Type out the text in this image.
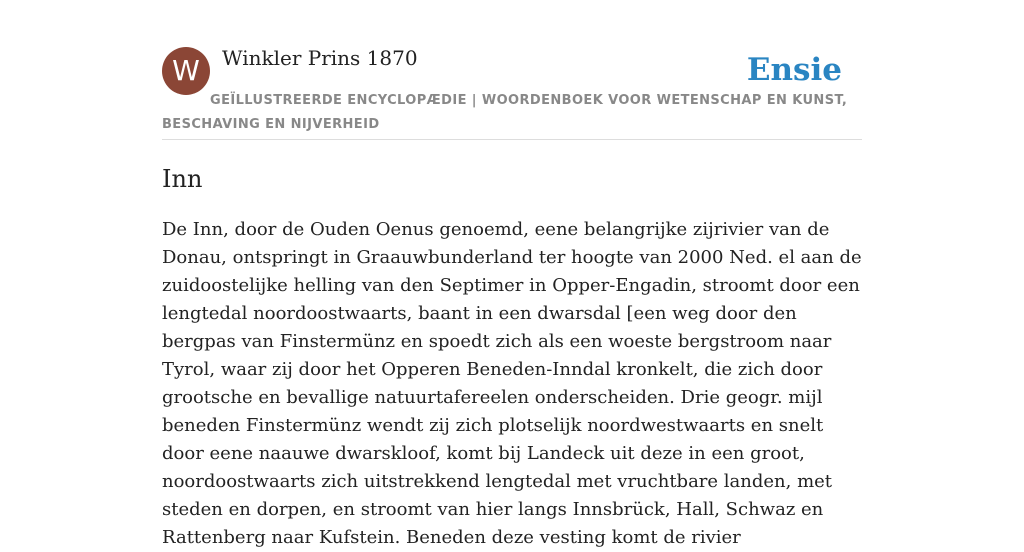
W	Winkler Prins 1870	Ensie

GEÏLLUSTREERDE ENCYCLOPÆDIE | WOORDENBOEK VOOR WETENSCHAP EN KUNST, BESCHAVING EN NIJVERHEID

Inn

De Inn, door de Ouden Oenus genoemd, eene belangrijke zijrivier van de Donau, ontspringt in Graauwbunderland ter hoogte van 2000 Ned. el aan de zuidoostelijke helling van den Septimer in Opper-Engadin, stroomt door een lengtedal noordoostwaarts, baant in een dwarsdal [een weg door den bergpas van Finstermünz en spoedt zich als een woeste bergstroom naar Tyrol, waar zij door het Opperen Beneden-Inndal kronkelt, die zich door grootsche en bevallige natuurtafereelen onderscheiden. Drie geogr. mijl beneden Finstermünz wendt zij zich plotselijk noordwestwaarts en snelt door eene naauwe dwarskloof, komt bij Landeck uit deze in een groot, noordoostwaarts zich uitstrekkend lengtedal met vruchtbare landen, met steden en dorpen, en stroomt van hier langs Innsbrück, Hall, Schwaz en Rattenberg naar Kufstein. Beneden deze vesting komt de rivier
